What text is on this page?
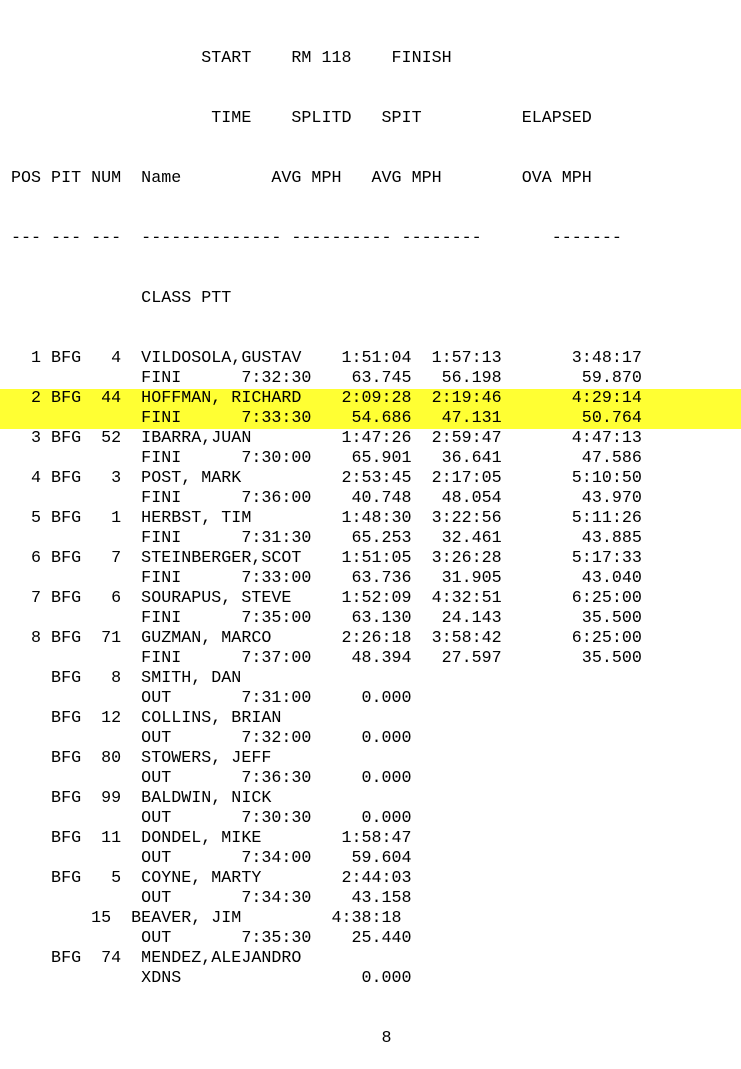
START    RM 118    FINISH

TIME    SPLITD   SPIT          ELAPSED

POS PIT NUM  Name         AVG MPH   AVG MPH        OVA MPH

--- --- ---  -------------- ---------- --------       -------

CLASS PTT

1 BFG   4  VILDOSOLA,GUSTAV    1:51:04  1:57:13       3:48:17
FINI      7:32:30    63.745   56.198        59.870
2 BFG  44  HOFFMAN, RICHARD    2:09:28  2:19:46       4:29:14
FINI      7:33:30    54.686   47.131        50.764
3 BFG  52  IBARRA,JUAN         1:47:26  2:59:47       4:47:13
FINI      7:30:00    65.901   36.641        47.586
4 BFG   3  POST, MARK          2:53:45  2:17:05       5:10:50
FINI      7:36:00    40.748   48.054        43.970
5 BFG   1  HERBST, TIM         1:48:30  3:22:56       5:11:26
FINI      7:31:30    65.253   32.461        43.885
6 BFG   7  STEINBERGER,SCOT    1:51:05  3:26:28       5:17:33
FINI      7:33:00    63.736   31.905        43.040
7 BFG   6  SOURAPUS, STEVE     1:52:09  4:32:51       6:25:00
FINI      7:35:00    63.130   24.143        35.500
8 BFG  71  GUZMAN, MARCO       2:26:18  3:58:42       6:25:00
FINI      7:37:00    48.394   27.597        35.500
BFG   8  SMITH, DAN
OUT       7:31:00     0.000
BFG  12  COLLINS, BRIAN
OUT       7:32:00     0.000
BFG  80  STOWERS, JEFF
OUT       7:36:30     0.000
BFG  99  BALDWIN, NICK
OUT       7:30:30     0.000
BFG  11  DONDEL, MIKE        1:58:47
OUT       7:34:00    59.604
BFG   5  COYNE, MARTY        2:44:03
OUT       7:34:30    43.158
15  BEAVER, JIM         4:38:18
OUT       7:35:30    25.440
BFG  74  MENDEZ,ALEJANDRO
XDNS                  0.000

8
